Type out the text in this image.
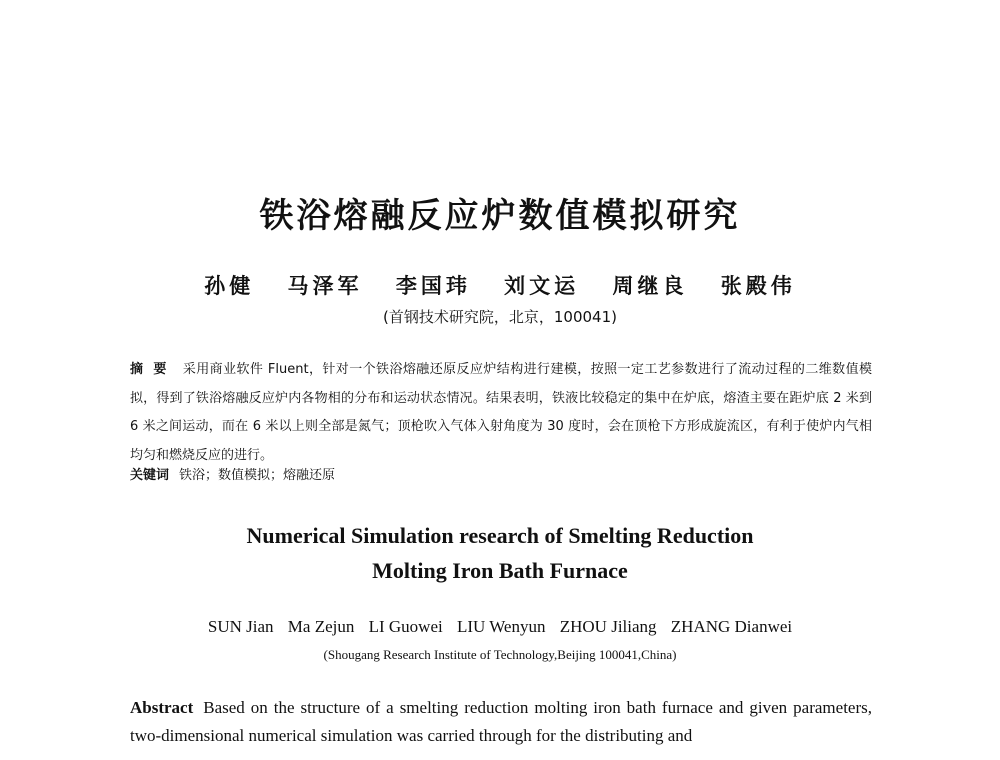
铁浴熔融反应炉数值模拟研究
孙健 马泽军 李国玮 刘文运 周继良 张殿伟
(首钢技术研究院，北京，100041)

摘要 采用商业软件 Fluent，针对一个铁浴熔融还原反应炉结构进行建模，按照一定工艺参数进行了流动过程的二维数值模拟，得到了铁浴熔融反应炉内各物相的分布和运动状态情况。结果表明，铁液比较稳定的集中在炉底，熔渣主要在距炉底 2 米到 6 米之间运动，而在 6 米以上则全部是氮气；顶枪吹入气体入射角度为 30 度时，会在顶枪下方形成旋流区，有利于使炉内气相均匀和燃烧反应的进行。

关键词 铁浴；数值模拟；熔融还原

Numerical Simulation research of Smelting Reduction
Molting Iron Bath Furnace
SUN Jian Ma Zejun LI Guowei LIU Wenyun ZHOU Jiliang ZHANG Dianwei
(Shougang Research Institute of Technology,Beijing 100041,China)

Abstract Based on the structure of a smelting reduction molting iron bath furnace and given parameters, two-dimensional numerical simulation was carried through for the distributing and
